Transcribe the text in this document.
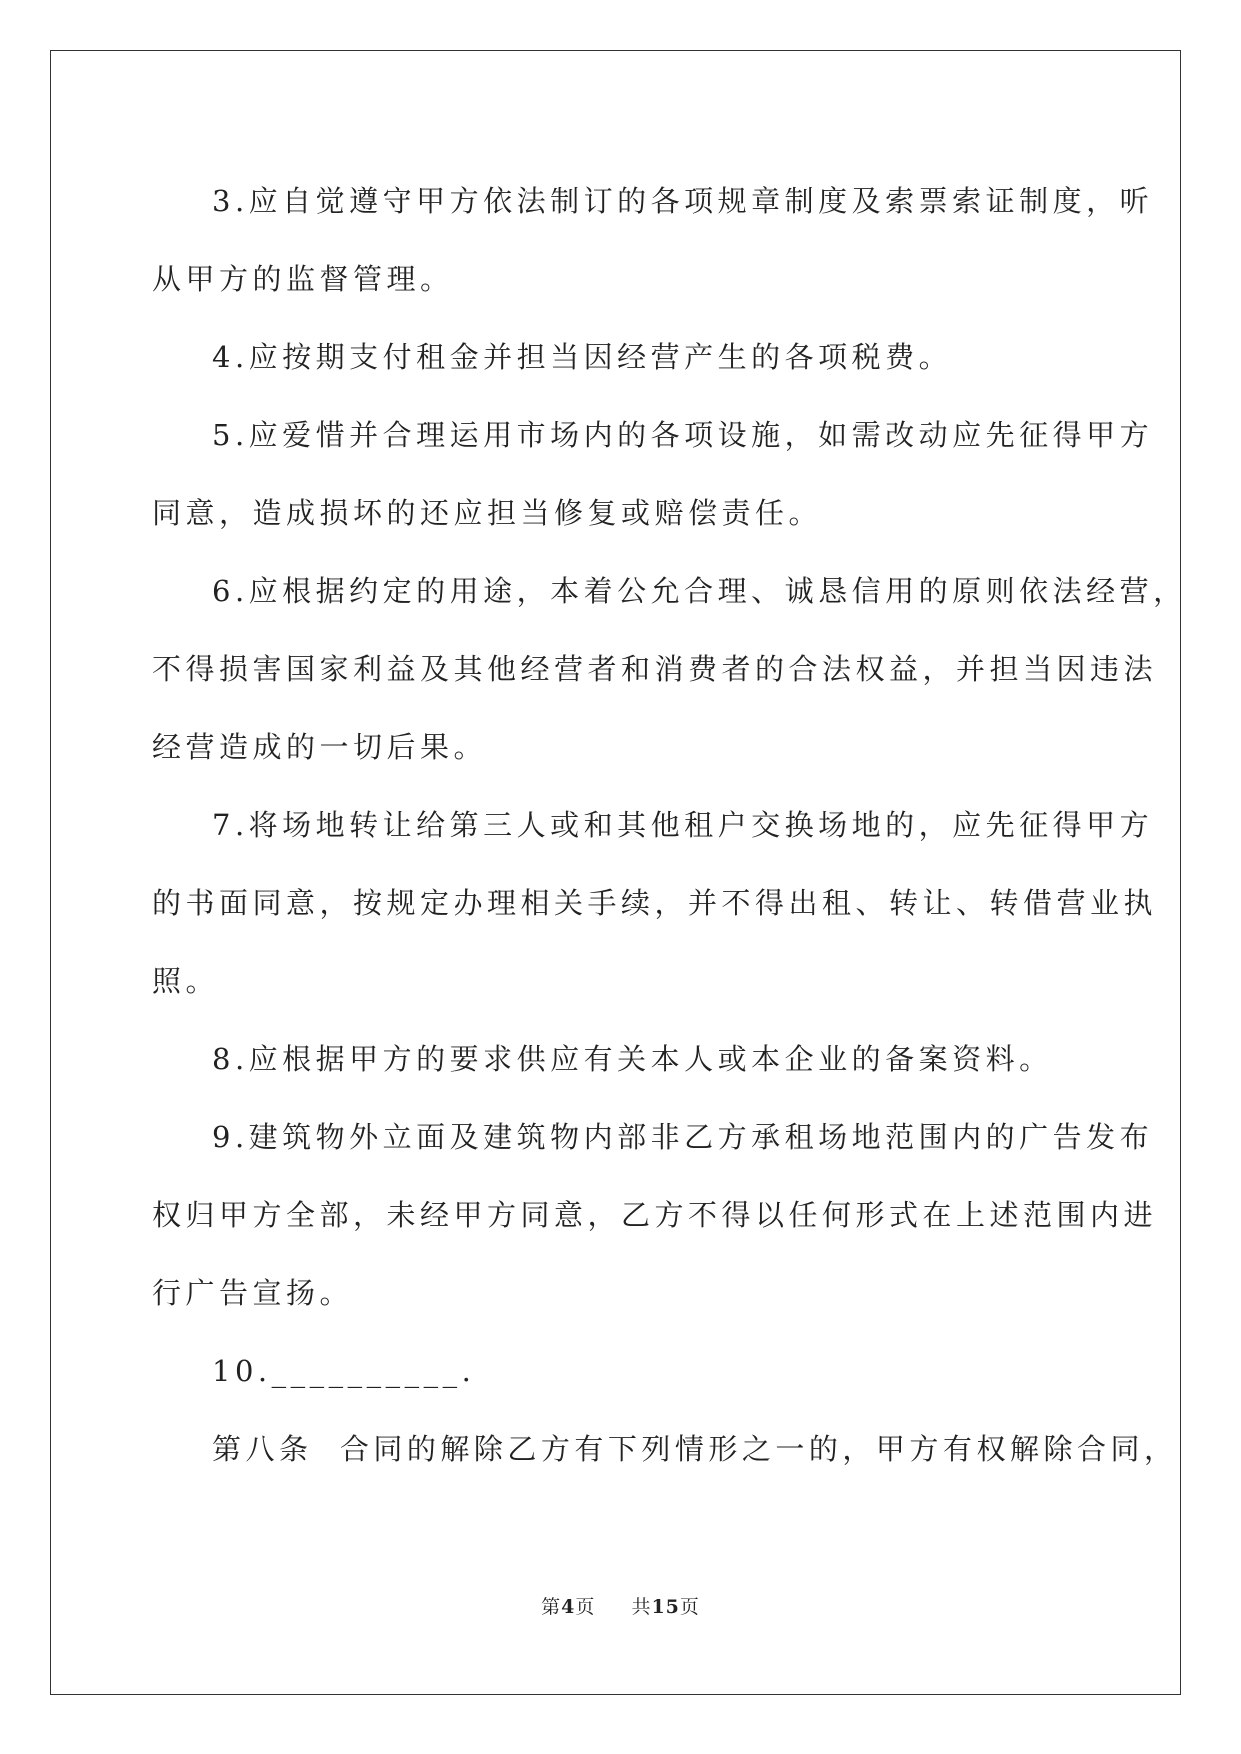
3.应自觉遵守甲方依法制订的各项规章制度及索票索证制度，听
从甲方的监督管理。

4.应按期支付租金并担当因经营产生的各项税费。

5.应爱惜并合理运用市场内的各项设施，如需改动应先征得甲方
同意，造成损坏的还应担当修复或赔偿责任。

6.应根据约定的用途，本着公允合理、诚恳信用的原则依法经营，
不得损害国家利益及其他经营者和消费者的合法权益，并担当因违法
经营造成的一切后果。

7.将场地转让给第三人或和其他租户交换场地的，应先征得甲方
的书面同意，按规定办理相关手续，并不得出租、转让、转借营业执
照。

8.应根据甲方的要求供应有关本人或本企业的备案资料。

9.建筑物外立面及建筑物内部非乙方承租场地范围内的广告发布
权归甲方全部，未经甲方同意，乙方不得以任何形式在上述范围内进
行广告宣扬。

10.__________.

第八条  合同的解除乙方有下列情形之一的，甲方有权解除合同，

第4页 共15页
